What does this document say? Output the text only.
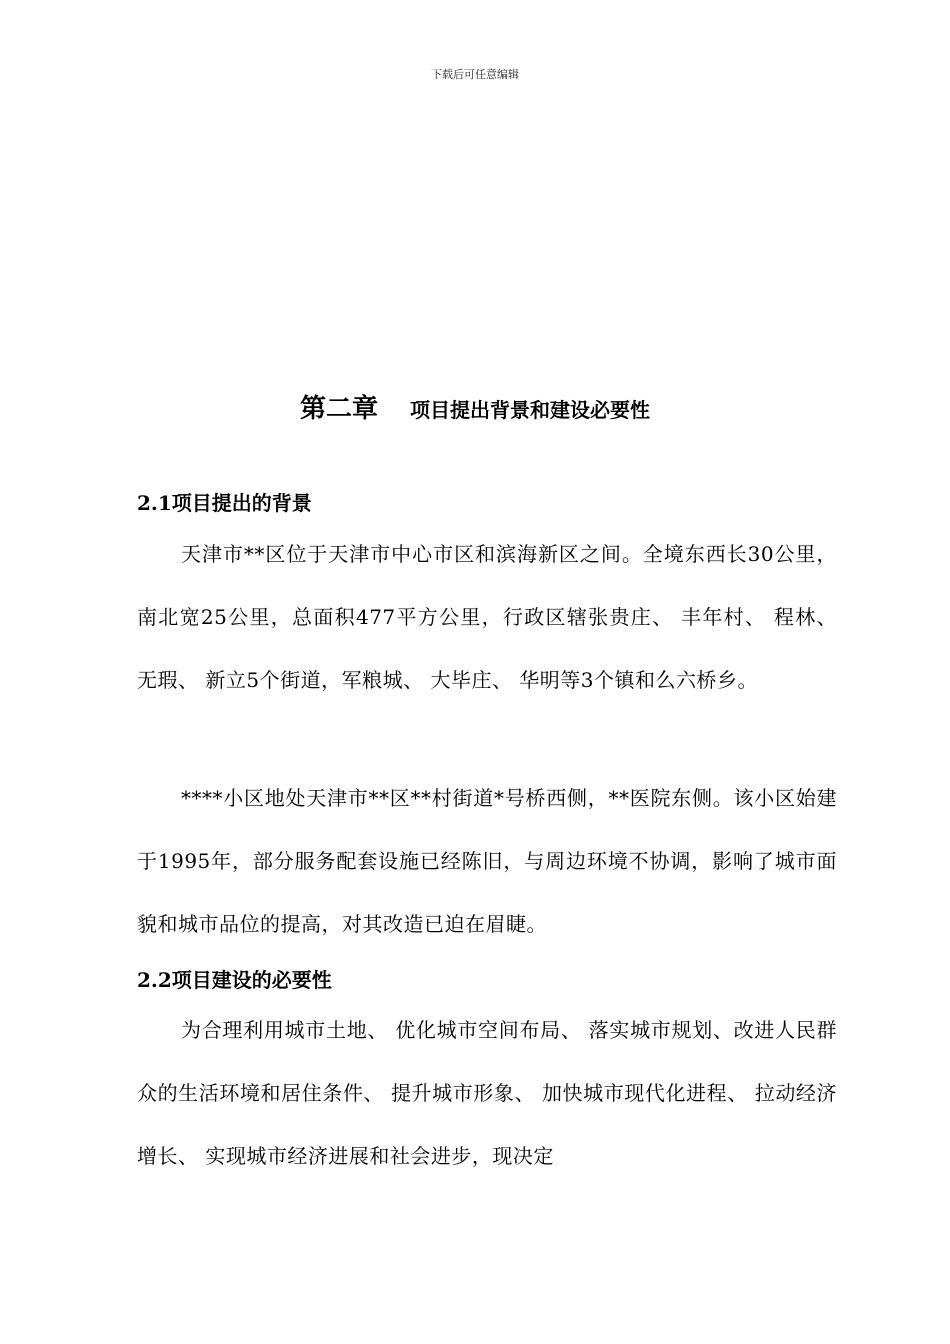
下载后可任意编辑
第二章 项目提出背景和建设必要性
2.1项目提出的背景
天津市**区位于天津市中心市区和滨海新区之间。全境东西长30公里，南北宽25公里，总面积477平方公里，行政区辖张贵庄、 丰年村、 程林、 无瑕、 新立5个街道，军粮城、 大毕庄、 华明等3个镇和么六桥乡。
****小区地处天津市**区**村街道*号桥西侧，**医院东侧。该小区始建于1995年，部分服务配套设施已经陈旧，与周边环境不协调，影响了城市面貌和城市品位的提高，对其改造已迫在眉睫。
2.2项目建设的必要性
为合理利用城市土地、 优化城市空间布局、 落实城市规划、改进人民群众的生活环境和居住条件、 提升城市形象、 加快城市现代化进程、 拉动经济增长、 实现城市经济进展和社会进步，现决定
